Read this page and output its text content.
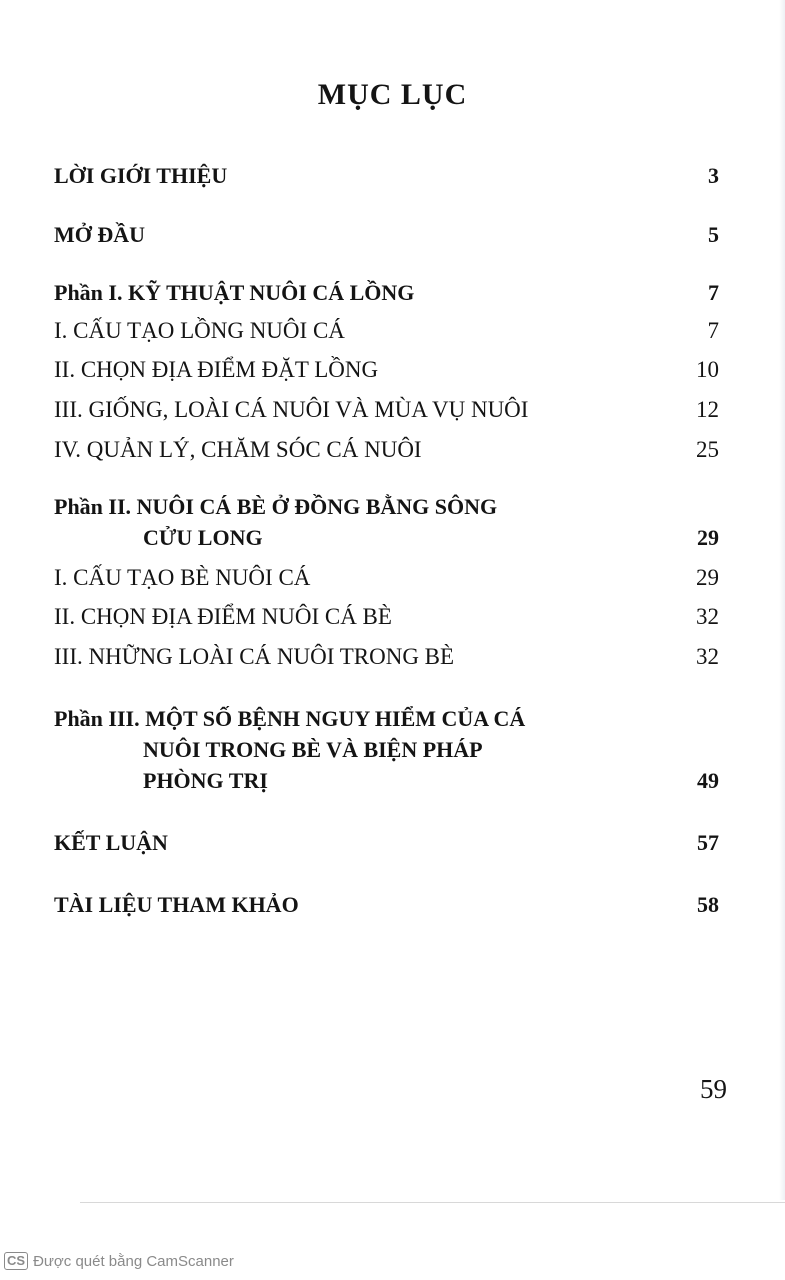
MỤC LỤC
LỜI GIỚI THIỆU	3
MỞ ĐẦU	5
Phần I. KỸ THUẬT NUÔI CÁ LỒNG	7
I. CẤU TẠO LỒNG NUÔI CÁ	7
II. CHỌN ĐỊA ĐIỂM ĐẶT LỒNG	10
III. GIỐNG, LOÀI CÁ NUÔI VÀ MÙA VỤ NUÔI	12
IV. QUẢN LÝ, CHĂM SÓC CÁ NUÔI	25
Phần II. NUÔI CÁ BÈ Ở ĐỒNG BẰNG SÔNG
CỬU LONG	29
I. CẤU TẠO BÈ NUÔI CÁ	29
II. CHỌN ĐỊA ĐIỂM NUÔI CÁ BÈ	32
III. NHỮNG LOÀI CÁ NUÔI TRONG BÈ	32
Phần III. MỘT SỐ BỆNH NGUY HIỂM CỦA CÁ
NUÔI TRONG BÈ VÀ BIỆN PHÁP
PHÒNG TRỊ	49
KẾT LUẬN	57
TÀI LIỆU THAM KHẢO	58
59
CS Được quét bằng CamScanner
